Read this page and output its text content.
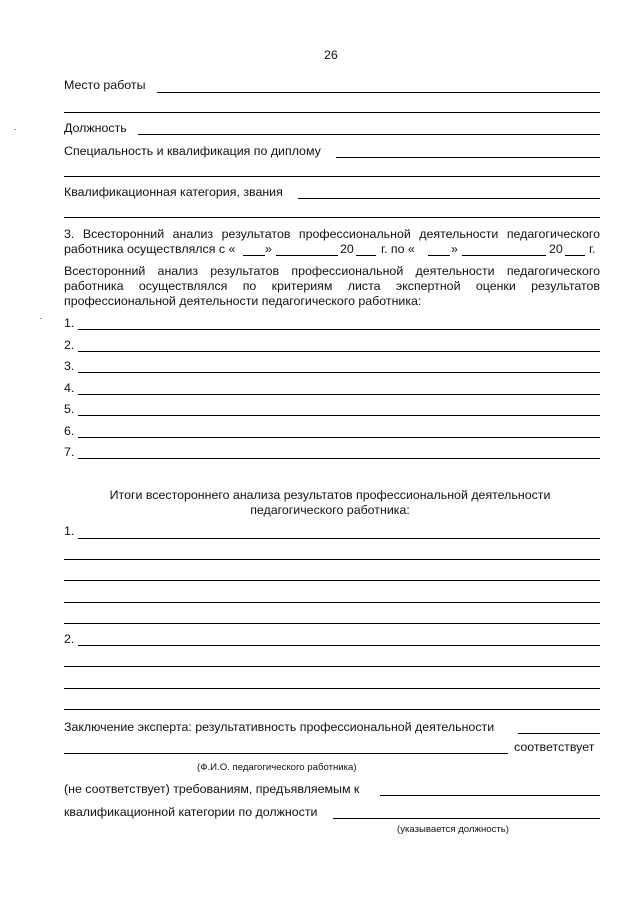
26
Место работы
Должность
Специальность и квалификация по диплому
Квалификационная категория, звания
3. Всесторонний анализ результатов профессиональной деятельности педагогического
работника осуществлялся с « »	20 г. по «	»	20 г.
Всесторонний анализ результатов профессиональной деятельности педагогического
работника осуществлялся по критериям листа экспертной оценки результатов
профессиональной деятельности педагогического работника:
1.
2.
3.
4.
5.
6.
7.
Итоги всестороннего анализа результатов профессиональной деятельности
педагогического работника:
1.
2.
Заключение эксперта: результативность профессиональной деятельности
соответствует
(Ф.И.О. педагогического работника)
(не соответствует) требованиям, предъявляемым к
квалификационной категории по должности
(указывается должность)
